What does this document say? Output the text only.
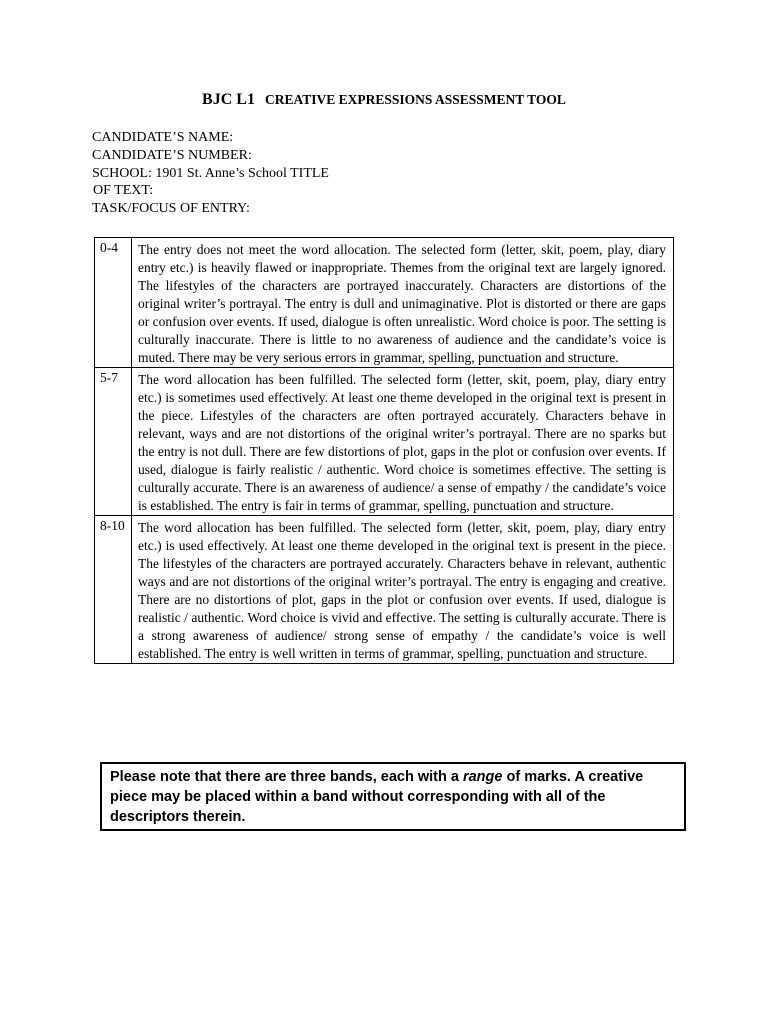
BJC L1 CREATIVE EXPRESSIONS ASSESSMENT TOOL
CANDIDATE’S NAME:
CANDIDATE’S NUMBER:
SCHOOL: 1901 St. Anne’s School TITLE
OF TEXT:
TASK/FOCUS OF ENTRY:
0-4	The entry does not meet the word allocation. The selected form (letter, skit, poem, play, diary entry etc.) is heavily flawed or inappropriate. Themes from the original text are largely ignored. The lifestyles of the characters are portrayed inaccurately. Characters are distortions of the original writer’s portrayal. The entry is dull and unimaginative. Plot is distorted or there are gaps or confusion over events. If used, dialogue is often unrealistic. Word choice is poor. The setting is culturally inaccurate. There is little to no awareness of audience and the candidate’s voice is muted. There may be very serious errors in grammar, spelling, punctuation and structure.
5-7	The word allocation has been fulfilled. The selected form (letter, skit, poem, play, diary entry etc.) is sometimes used effectively. At least one theme developed in the original text is present in the piece. Lifestyles of the characters are often portrayed accurately. Characters behave in relevant, ways and are not distortions of the original writer’s portrayal. There are no sparks but the entry is not dull. There are few distortions of plot, gaps in the plot or confusion over events. If used, dialogue is fairly realistic / authentic. Word choice is sometimes effective. The setting is culturally accurate. There is an awareness of audience/ a sense of empathy / the candidate’s voice is established. The entry is fair in terms of grammar, spelling, punctuation and structure.
8-10	The word allocation has been fulfilled. The selected form (letter, skit, poem, play, diary entry etc.) is used effectively. At least one theme developed in the original text is present in the piece. The lifestyles of the characters are portrayed accurately. Characters behave in relevant, authentic ways and are not distortions of the original writer’s portrayal. The entry is engaging and creative. There are no distortions of plot, gaps in the plot or confusion over events. If used, dialogue is realistic / authentic. Word choice is vivid and effective. The setting is culturally accurate. There is a strong awareness of audience/ strong sense of empathy / the candidate’s voice is well established. The entry is well written in terms of grammar, spelling, punctuation and structure.
Please note that there are three bands, each with a range of marks. A creative piece may be placed within a band without corresponding with all of the descriptors therein.
